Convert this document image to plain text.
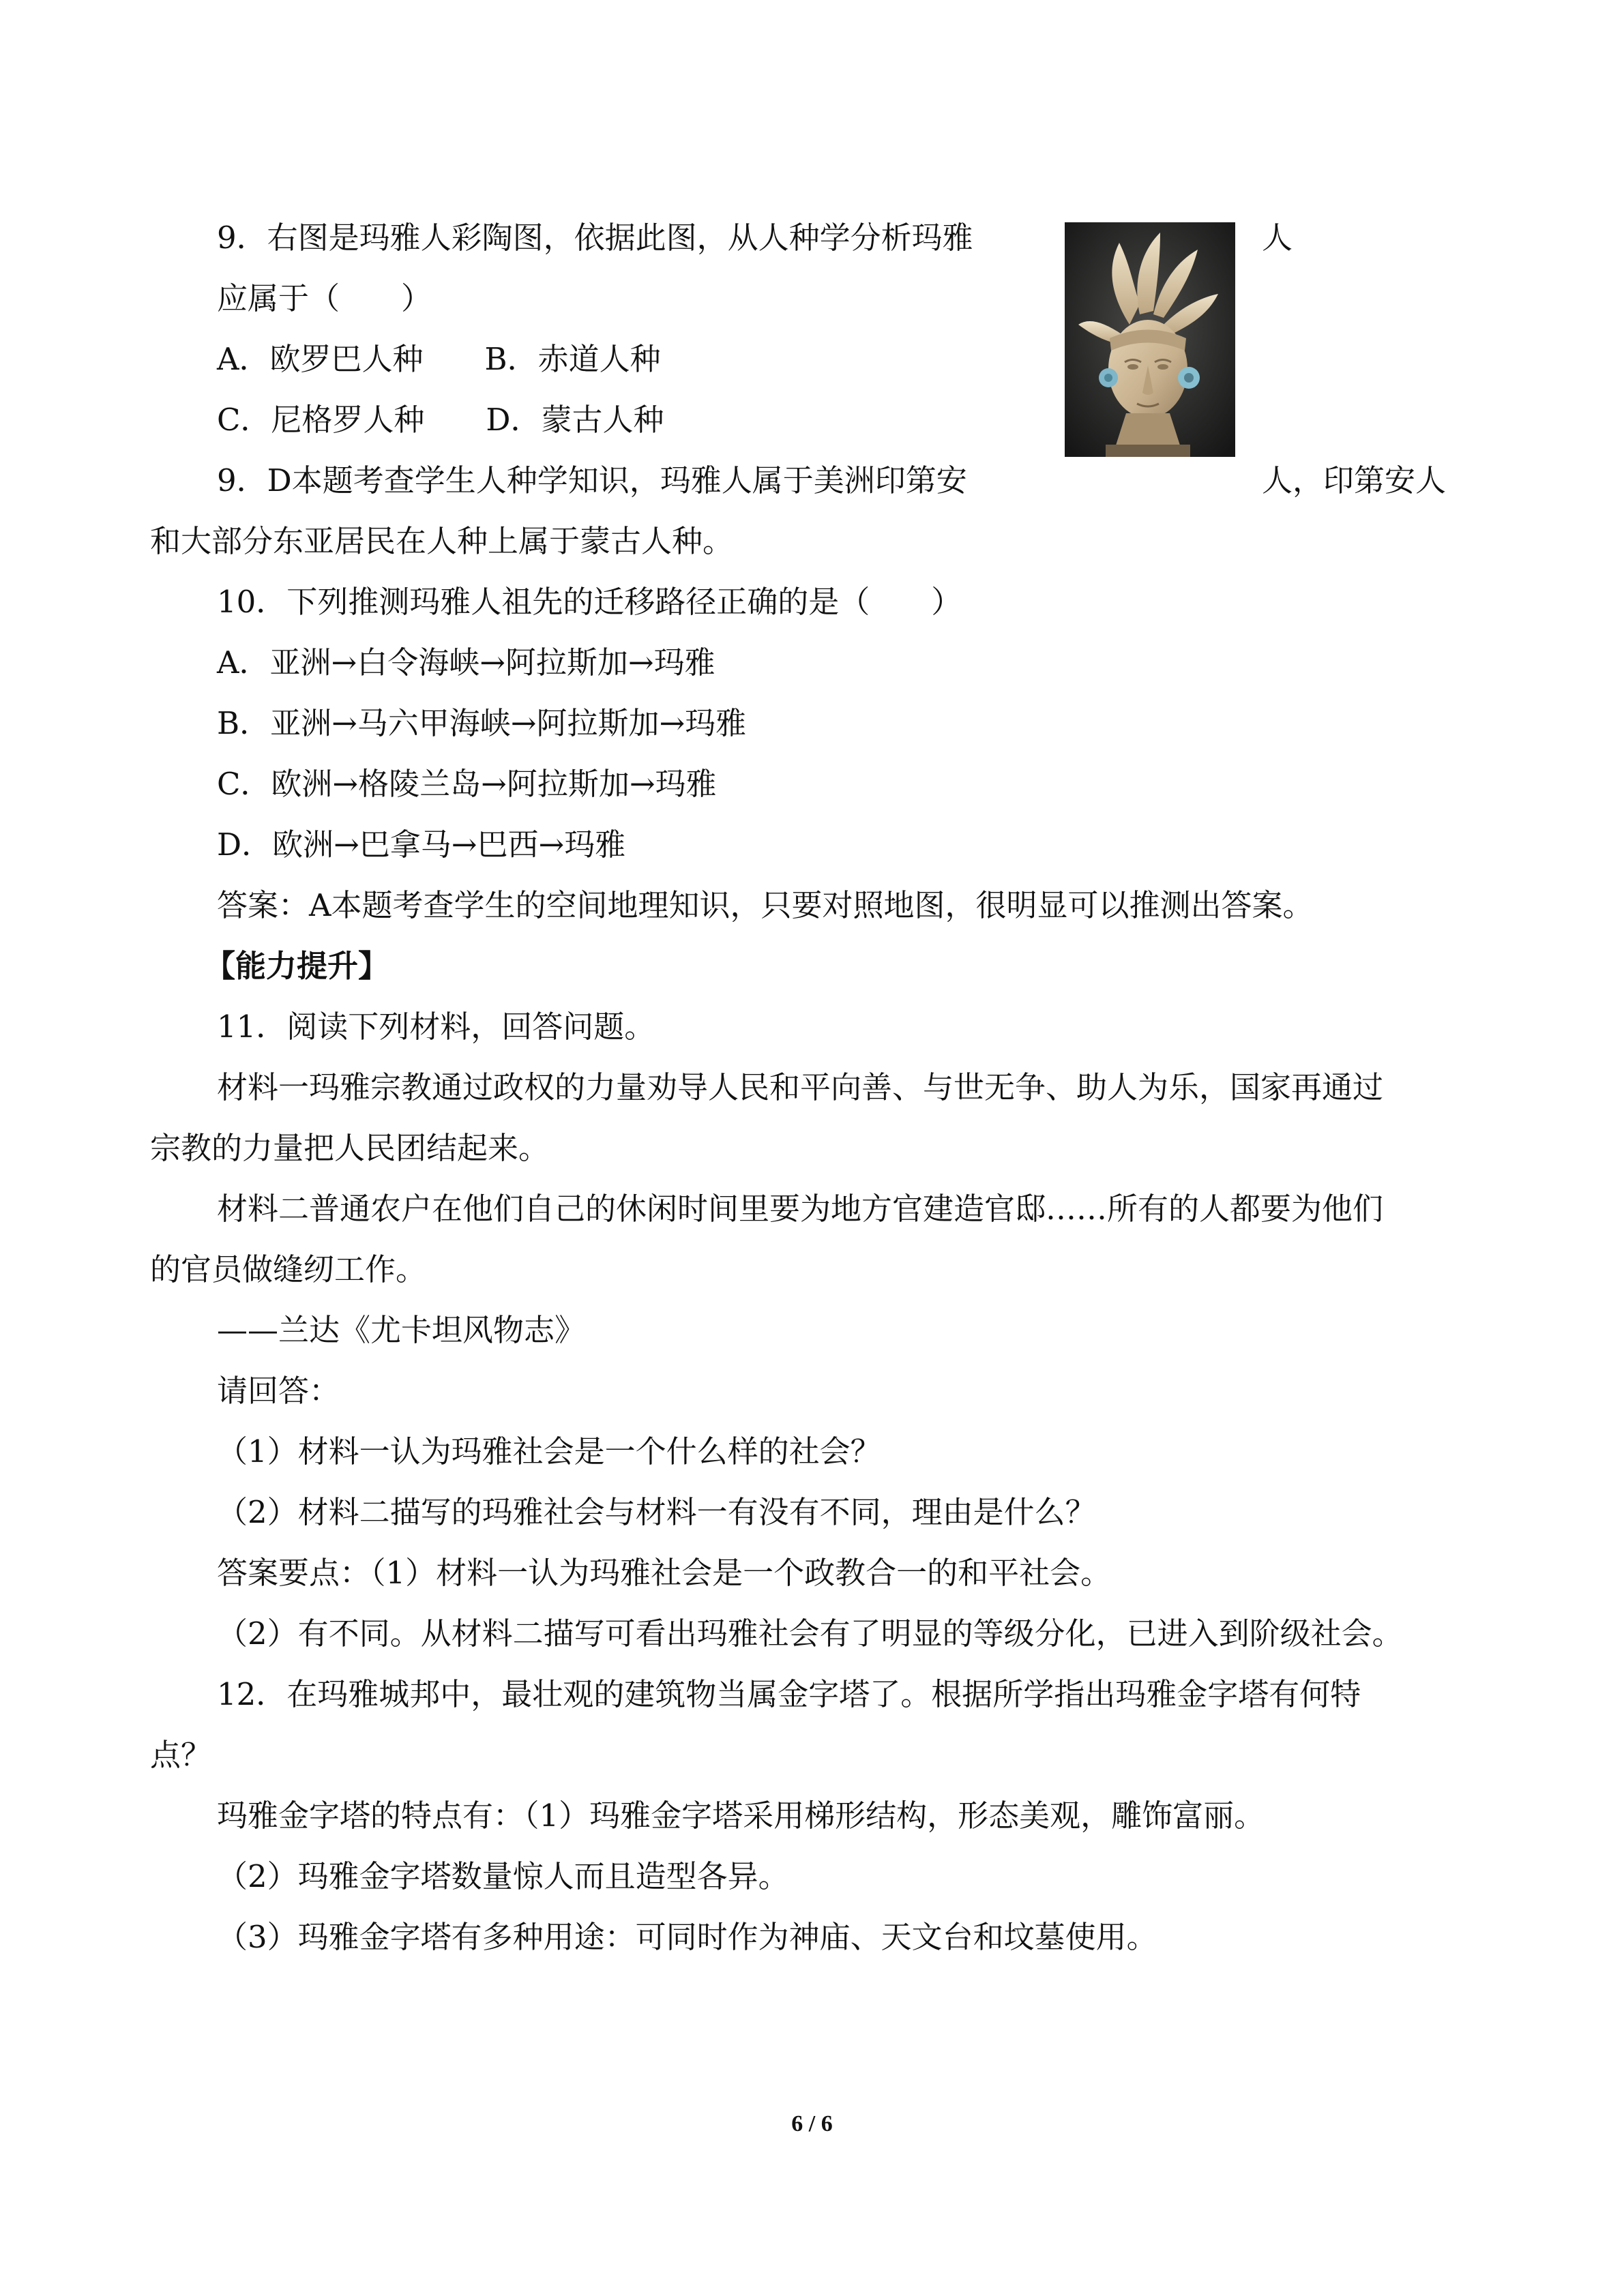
9．右图是玛雅人彩陶图，依据此图，从人种学分析玛雅	人
应属于（　　）
A．欧罗巴人种　　B．赤道人种
C．尼格罗人种　　D．蒙古人种
9．D本题考查学生人种学知识，玛雅人属于美洲印第安	人，印第安人
和大部分东亚居民在人种上属于蒙古人种。
10．下列推测玛雅人祖先的迁移路径正确的是（　　）
A．亚洲→白令海峡→阿拉斯加→玛雅
B．亚洲→马六甲海峡→阿拉斯加→玛雅
C．欧洲→格陵兰岛→阿拉斯加→玛雅
D．欧洲→巴拿马→巴西→玛雅
答案：A本题考查学生的空间地理知识，只要对照地图，很明显可以推测出答案。
【能力提升】
11．阅读下列材料，回答问题。
材料一玛雅宗教通过政权的力量劝导人民和平向善、与世无争、助人为乐，国家再通过
宗教的力量把人民团结起来。
材料二普通农户在他们自己的休闲时间里要为地方官建造官邸……所有的人都要为他们
的官员做缝纫工作。
——兰达《尤卡坦风物志》
请回答：
（1）材料一认为玛雅社会是一个什么样的社会？
（2）材料二描写的玛雅社会与材料一有没有不同，理由是什么？
答案要点：（1）材料一认为玛雅社会是一个政教合一的和平社会。
（2）有不同。从材料二描写可看出玛雅社会有了明显的等级分化，已进入到阶级社会。
12．在玛雅城邦中，最壮观的建筑物当属金字塔了。根据所学指出玛雅金字塔有何特
点？
玛雅金字塔的特点有：（1）玛雅金字塔采用梯形结构，形态美观，雕饰富丽。
（2）玛雅金字塔数量惊人而且造型各异。
（3）玛雅金字塔有多种用途：可同时作为神庙、天文台和坟墓使用。
6 / 6
